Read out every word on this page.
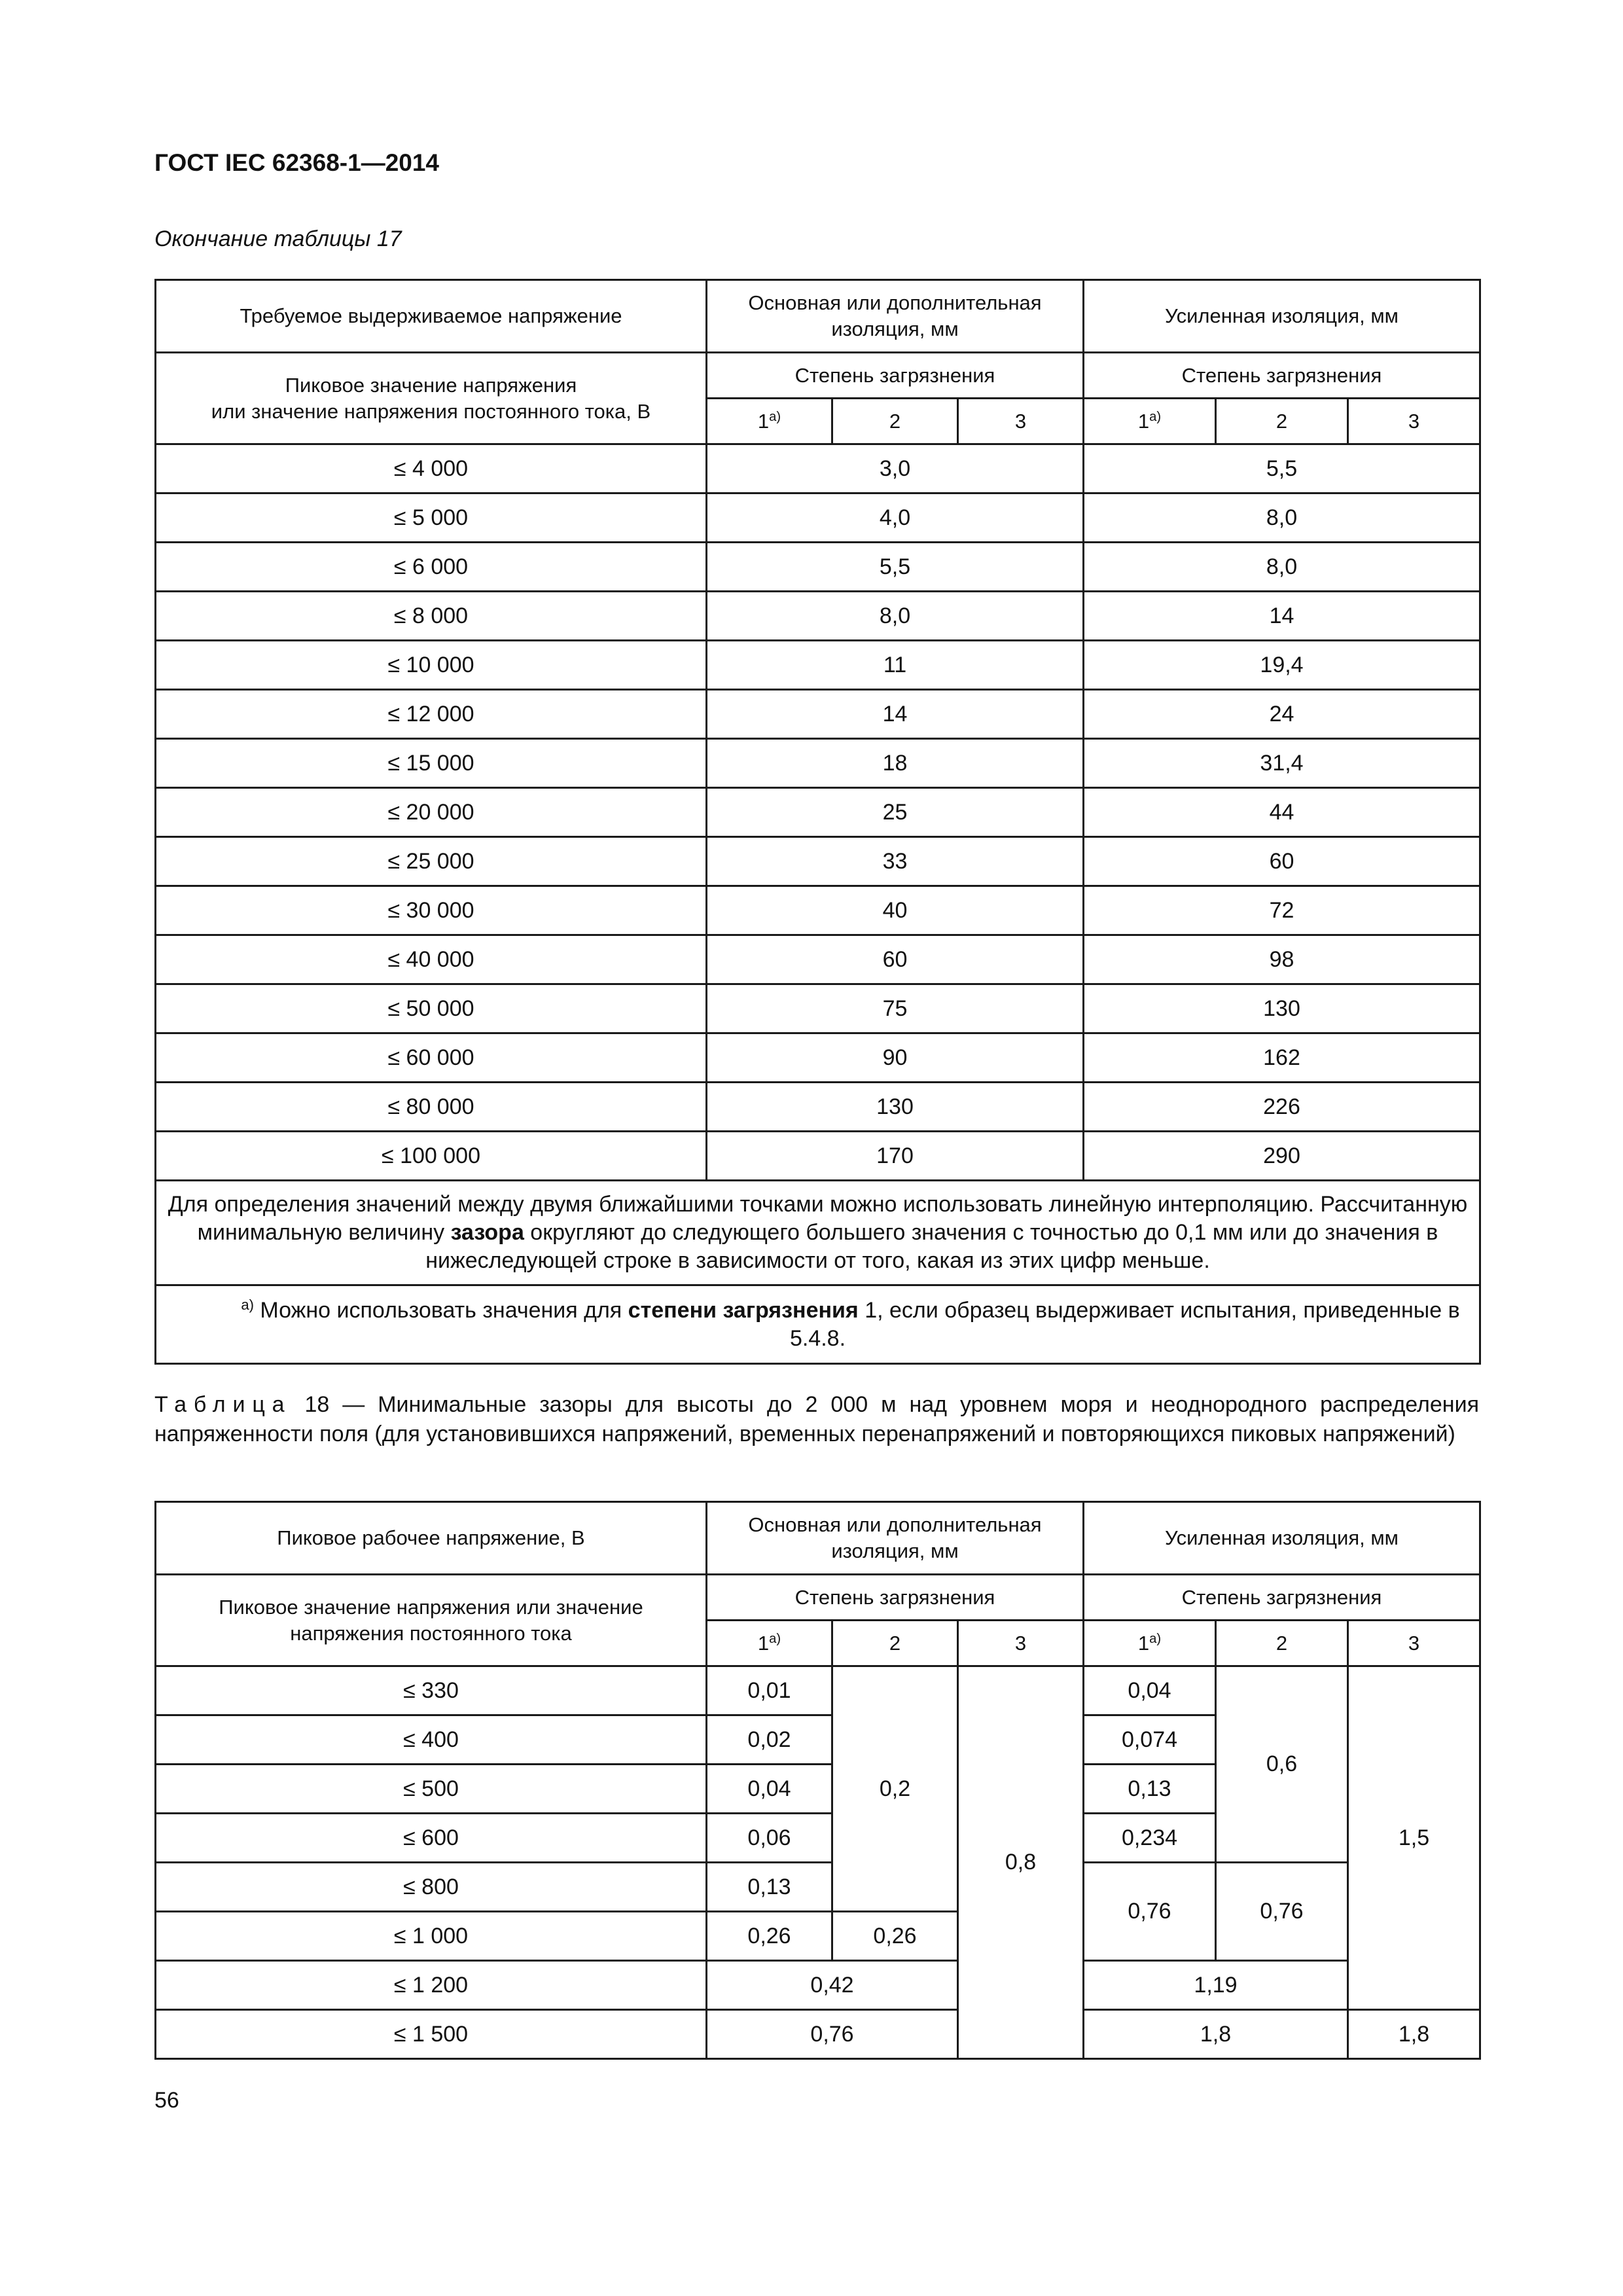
ГОСТ IEC 62368-1—2014
Окончание таблицы 17
Требуемое выдерживаемое напряжение	Основная или дополнительная изоляция, мм			Усиленная изоляция, мм		
Пиковое значение напряжения
или значение напряжения постоянного тока, В	Степень загрязнения			Степень загрязнения		
	1$^{a)}$	2	3	1$^{a)}$	2	3
≤ 4 000	3,0			5,5		
≤ 5 000	4,0			8,0		
≤ 6 000	5,5			8,0		
≤ 8 000	8,0			14		
≤ 10 000	11			19,4		
≤ 12 000	14			24		
≤ 15 000	18			31,4		
≤ 20 000	25			44		
≤ 25 000	33			60		
≤ 30 000	40			72		
≤ 40 000	60			98		
≤ 50 000	75			130		
≤ 60 000	90			162		
≤ 80 000	130			226		
≤ 100 000	170			290		
Для определения значений между двумя ближайшими точками можно использовать линейную интерполяцию. Рассчитанную минимальную величину зазора округляют до следующего большего значения с точностью до 0,1 мм или до значения в нижеследующей строке в зависимости от того, какая из этих цифр меньше.						
$^{a)}$ Можно использовать значения для степени загрязнения 1, если образец выдерживает испытания, приведенные в 5.4.8.						
Таблица 18 — Минимальные зазоры для высоты до 2 000 м над уровнем моря и неоднородного распределения напряженности поля (для установившихся напряжений, временных перенапряжений и повторяющихся пиковых напряжений)
Пиковое рабочее напряжение, В	Основная или дополнительная изоляция, мм			Усиленная изоляция, мм		
Пиковое значение напряжения или значение напряжения постоянного тока	Степень загрязнения			Степень загрязнения		
	1$^{a)}$	2	3	1$^{a)}$	2	3
≤ 330	0,01	0,2	0,8	0,04	0,6	1,5
≤ 400	0,02			0,074		
≤ 500	0,04			0,13		
≤ 600	0,06			0,234		
≤ 800	0,13			0,76	0,76	
≤ 1 000	0,26	0,26				
≤ 1 200	0,42			1,19		
≤ 1 500	0,76			1,8		1,8
56
